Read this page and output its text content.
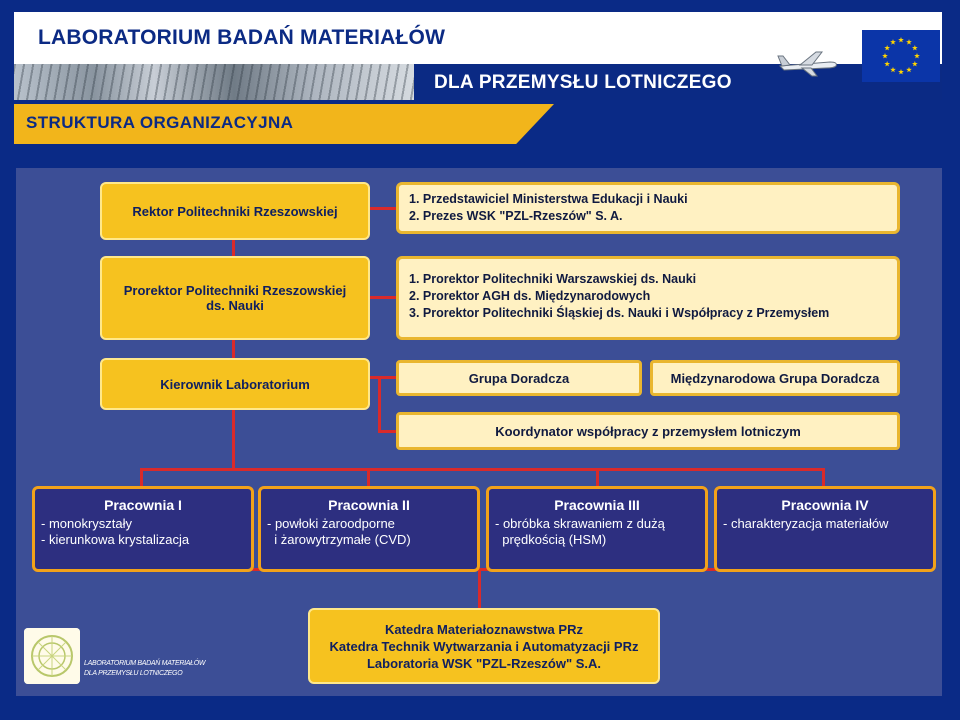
LABORATORIUM BADAŃ MATERIAŁÓW
DLA PRZEMYSŁU LOTNICZEGO
STRUKTURA ORGANIZACYJNA
Rektor Politechniki Rzeszowskiej
1. Przedstawiciel Ministerstwa Edukacji i Nauki
2. Prezes WSK "PZL-Rzeszów" S. A.
Prorektor Politechniki Rzeszowskiej
ds. Nauki
1. Prorektor Politechniki Warszawskiej ds. Nauki
2. Prorektor AGH ds. Międzynarodowych
3. Prorektor Politechniki Śląskiej ds. Nauki i Współpracy z Przemysłem
Kierownik Laboratorium	Grupa Doradcza	Międzynarodowa Grupa Doradcza
Koordynator współpracy z przemysłem lotniczym
Pracownia I
- monokryształy
- kierunkowa krystalizacja
Pracownia II
- powłoki żaroodporne
i żarowytrzymałe (CVD)
Pracownia III
- obróbka skrawaniem z dużą
prędkością (HSM)
Pracownia IV
- charakteryzacja materiałów
Katedra Materiałoznawstwa PRz
Katedra Technik Wytwarzania i Automatyzacji PRz
Laboratoria WSK "PZL-Rzeszów" S.A.
LABORATORIUM BADAŃ MATERIAŁÓW
DLA PRZEMYSŁU LOTNICZEGO
